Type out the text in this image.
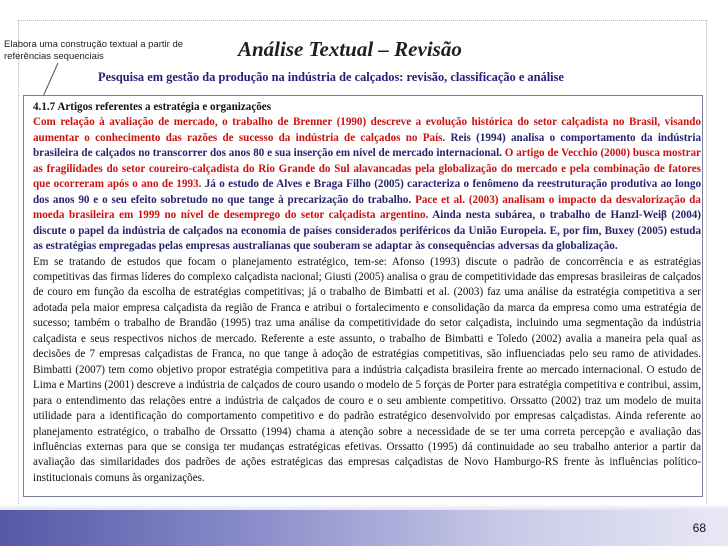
Elabora uma construção textual a partir de referências sequenciais	Análise Textual – Revisão
Pesquisa em gestão da produção na indústria de calçados: revisão, classificação e análise

4.1.7 Artigos referentes a estratégia e organizações

Com relação à avaliação de mercado, o trabalho de Brenner (1990) descreve a evolução histórica do setor calçadista no Brasil, visando aumentar o conhecimento das razões de sucesso da indústria de calçados no País. Reis (1994) analisa o comportamento da indústria brasileira de calçados no transcorrer dos anos 80 e sua inserção em nível de mercado internacional. O artigo de Vecchio (2000) busca mostrar as fragilidades do setor coureiro-calçadista do Rio Grande do Sul alavancadas pela globalização do mercado e pela combinação de fatores que ocorreram após o ano de 1993. Já o estudo de Alves e Braga Filho (2005) caracteriza o fenômeno da reestruturação produtiva ao longo dos anos 90 e o seu efeito sobretudo no que tange à precarização do trabalho. Pace et al. (2003) analisam o impacto da desvalorização da moeda brasileira em 1999 no nível de desemprego do setor calçadista argentino. Ainda nesta subárea, o trabalho de Hanzl-Weiβ (2004) discute o papel da indústria de calçados na economia de países considerados periféricos da União Europeia. E, por fim, Buxey (2005) estuda as estratégias empregadas pelas empresas australianas que souberam se adaptar às consequências adversas da globalização.

Em se tratando de estudos que focam o planejamento estratégico, tem-se: Afonso (1993) discute o padrão de concorrência e as estratégias competitivas das firmas líderes do complexo calçadista nacional; Giusti (2005) analisa o grau de competitividade das empresas brasileiras de calçados de couro em função da escolha de estratégias competitivas; já o trabalho de Bimbatti et al. (2003) faz uma análise da estratégia competitiva a ser adotada pela maior empresa calçadista da região de Franca e atribui o fortalecimento e consolidação da marca da empresa como uma estratégia de sucesso; também o trabalho de Brandão (1995) traz uma análise da competitividade do setor calçadista, incluindo uma segmentação da indústria calçadista e seus respectivos nichos de mercado. Referente a este assunto, o trabalho de Bimbatti e Toledo (2002) avalia a maneira pela qual as decisões de 7 empresas calçadistas de Franca, no que tange à adoção de estratégias competitivas, são influenciadas pelo seu ramo de atividades. Bimbatti (2007) tem como objetivo propor estratégia competitiva para a indústria calçadista brasileira frente ao mercado internacional. O estudo de Lima e Martins (2001) descreve a indústria de calçados de couro usando o modelo de 5 forças de Porter para estratégia competitiva e contribui, assim, para o entendimento das relações entre a indústria de calçados de couro e o seu ambiente competitivo. Orssatto (2002) traz um modelo de muita utilidade para a identificação do comportamento competitivo e do padrão estratégico desenvolvido por empresas calçadistas. Ainda referente ao planejamento estratégico, o trabalho de Orssatto (1994) chama a atenção sobre a necessidade de se ter uma correta percepção e avaliação das influências externas para que se consiga ter mudanças estratégicas efetivas. Orssatto (1995) dá continuidade ao seu trabalho anterior a partir da avaliação das similaridades dos padrões de ações estratégicas das empresas calçadistas de Novo Hamburgo-RS frente às influências político-institucionais comuns às organizações.

68
